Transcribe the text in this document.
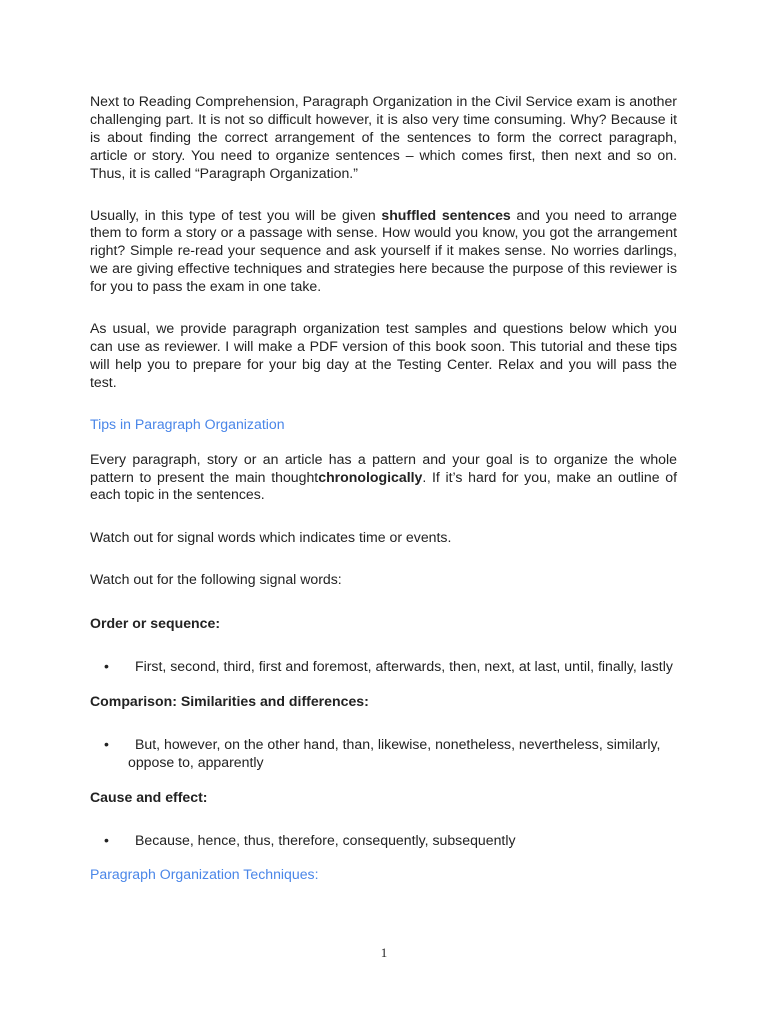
Next to Reading Comprehension, Paragraph Organization in the Civil Service exam is another challenging part. It is not so difficult however, it is also very time consuming. Why? Because it is about finding the correct arrangement of the sentences to form the correct paragraph, article or story. You need to organize sentences – which comes first, then next and so on. Thus, it is called “Paragraph Organization.”

Usually, in this type of test you will be given shuffled sentences and you need to arrange them to form a story or a passage with sense. How would you know, you got the arrangement right? Simple re-read your sequence and ask yourself if it makes sense. No worries darlings, we are giving effective techniques and strategies here because the purpose of this reviewer is for you to pass the exam in one take.

As usual, we provide paragraph organization test samples and questions below which you can use as reviewer. I will make a PDF version of this book soon. This tutorial and these tips will help you to prepare for your big day at the Testing Center. Relax and you will pass the test.

Tips in Paragraph Organization

Every paragraph, story or an article has a pattern and your goal is to organize the whole pattern to present the main thoughtchronologically. If it’s hard for you, make an outline of each topic in the sentences.

Watch out for signal words which indicates time or events.

Watch out for the following signal words:

Order or sequence:

•	First, second, third, first and foremost, afterwards, then, next, at last, until, finally, lastly

Comparison: Similarities and differences:

•	But, however, on the other hand, than, likewise, nonetheless, nevertheless, similarly, oppose to, apparently

Cause and effect:

•	Because, hence, thus, therefore, consequently, subsequently

Paragraph Organization Techniques:

1
